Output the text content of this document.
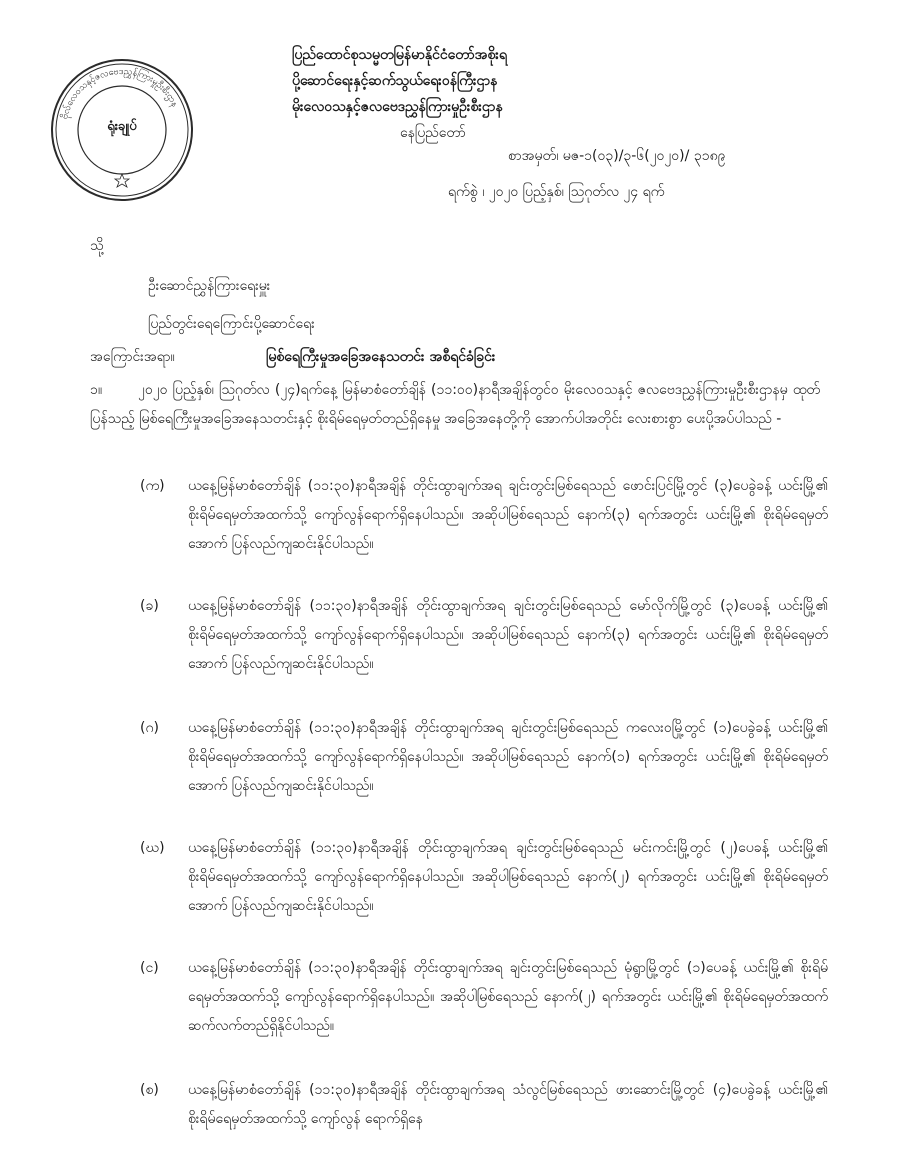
ဗိုလ်လေဝသနှင့်ဇလဗေဒညွှန်ကြားမှုဦးစီးဌာန
ရုံးချုပ်
ပြည်ထောင်စုသမ္မတမြန်မာနိုင်ငံတော်အစိုးရ
ပို့ဆောင်ရေးနှင့်ဆက်သွယ်ရေးဝန်ကြီးဌာန
မိုးလေဝသနှင့်ဇလဗေဒညွှန်ကြားမှုဦးစီးဌာန
နေပြည်တော်
စာအမှတ်၊ မဇ-၁(၀၃)/၃-၆(၂၀၂၀)/ ၃၁၈၉
ရက်စွဲ ၊ ၂၀၂၀ ပြည့်နှစ်၊ ဩဂုတ်လ ၂၄ ရက်
သို့
ဦးဆောင်ညွှန်ကြားရေးမှူး
ပြည်တွင်းရေကြောင်းပို့ဆောင်ရေး
အကြောင်းအရာ။	မြစ်ရေကြီးမှုအခြေအနေသတင်း အစီရင်ခံခြင်း
၁။	၂၀၂၀ ပြည့်နှစ်၊ ဩဂုတ်လ (၂၄)ရက်နေ့ မြန်မာစံတော်ချိန် (၁၁:၀၀)နာရီအချိန်တွင်ဝ မိုးလေဝသနှင့် ဇလဗေဒညွှန်ကြားမှုဦးစီးဌာနမှ ထုတ်ပြန်သည့် မြစ်ရေကြီးမှုအခြေအနေသတင်းနှင့် စိုးရိမ်ရေမှတ်တည်ရှိနေမှု အခြေအနေတို့ကို အောက်ပါအတိုင်း လေးစားစွာ ပေးပို့အပ်ပါသည် -
(က)	ယနေ့မြန်မာစံတော်ချိန် (၁၁:၃၀)နာရီအချိန် တိုင်းထွာချက်အရ ချင်းတွင်းမြစ်ရေသည် ဖောင်းပြင်မြို့တွင် (၃)ပေခွဲခန့် ယင်းမြို့၏ စိုးရိမ်ရေမှတ်အထက်သို့ ကျော်လွန်ရောက်ရှိနေပါသည်။ အဆိုပါမြစ်ရေသည် နောက်(၃) ရက်အတွင်း ယင်းမြို့၏ စိုးရိမ်ရေမှတ်အောက် ပြန်လည်ကျဆင်းနိုင်ပါသည်။
(ခ)	ယနေ့မြန်မာစံတော်ချိန် (၁၁:၃၀)နာရီအချိန် တိုင်းထွာချက်အရ ချင်းတွင်းမြစ်ရေသည် မော်လိုက်မြို့တွင် (၃)ပေခန့် ယင်းမြို့၏ စိုးရိမ်ရေမှတ်အထက်သို့ ကျော်လွန်ရောက်ရှိနေပါသည်။ အဆိုပါမြစ်ရေသည် နောက်(၃) ရက်အတွင်း ယင်းမြို့၏ စိုးရိမ်ရေမှတ်အောက် ပြန်လည်ကျဆင်းနိုင်ပါသည်။
(ဂ)	ယနေ့မြန်မာစံတော်ချိန် (၁၁:၃၀)နာရီအချိန် တိုင်းထွာချက်အရ ချင်းတွင်းမြစ်ရေသည် ကလေးဝမြို့တွင် (၁)ပေခွဲခန့် ယင်းမြို့၏ စိုးရိမ်ရေမှတ်အထက်သို့ ကျော်လွန်ရောက်ရှိနေပါသည်။ အဆိုပါမြစ်ရေသည် နောက်(၁) ရက်အတွင်း ယင်းမြို့၏ စိုးရိမ်ရေမှတ်အောက် ပြန်လည်ကျဆင်းနိုင်ပါသည်။
(ဃ)	ယနေ့မြန်မာစံတော်ချိန် (၁၁:၃၀)နာရီအချိန် တိုင်းထွာချက်အရ ချင်းတွင်းမြစ်ရေသည် မင်းကင်းမြို့တွင် (၂)ပေခန့် ယင်းမြို့၏ စိုးရိမ်ရေမှတ်အထက်သို့ ကျော်လွန်ရောက်ရှိနေပါသည်။ အဆိုပါမြစ်ရေသည် နောက်(၂) ရက်အတွင်း ယင်းမြို့၏ စိုးရိမ်ရေမှတ်အောက် ပြန်လည်ကျဆင်းနိုင်ပါသည်။
(င)	ယနေ့မြန်မာစံတော်ချိန် (၁၁:၃၀)နာရီအချိန် တိုင်းထွာချက်အရ ချင်းတွင်းမြစ်ရေသည် မုံရွာမြို့တွင် (၁)ပေခန့် ယင်းမြို့၏ စိုးရိမ်ရေမှတ်အထက်သို့ ကျော်လွန်ရောက်ရှိနေပါသည်။ အဆိုပါမြစ်ရေသည် နောက်(၂) ရက်အတွင်း ယင်းမြို့၏ စိုးရိမ်ရေမှတ်အထက် ဆက်လက်တည်ရှိနိုင်ပါသည်။
(စ)	ယနေ့မြန်မာစံတော်ချိန် (၁၁:၃၀)နာရီအချိန် တိုင်းထွာချက်အရ သံလွင်မြစ်ရေသည် ဖားဆောင်းမြို့တွင် (၄)ပေခွဲခန့် ယင်းမြို့၏ စိုးရိမ်ရေမှတ်အထက်သို့ ကျော်လွန် ရောက်ရှိနေ
